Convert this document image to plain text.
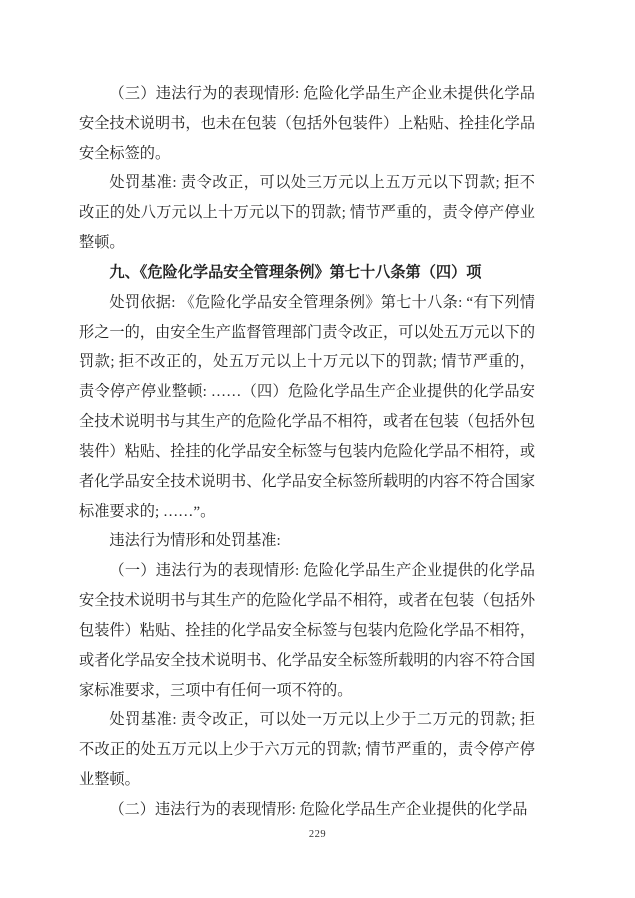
（三）违法行为的表现情形: 危险化学品生产企业未提供化学品安全技术说明书，也未在包装（包括外包装件）上粘贴、拴挂化学品安全标签的。

处罚基准: 责令改正，可以处三万元以上五万元以下罚款; 拒不改正的处八万元以上十万元以下的罚款; 情节严重的，责令停产停业整顿。

九、《危险化学品安全管理条例》第七十八条第（四）项

处罚依据: 《危险化学品安全管理条例》第七十八条: “有下列情形之一的，由安全生产监督管理部门责令改正，可以处五万元以下的罚款; 拒不改正的，处五万元以上十万元以下的罚款; 情节严重的，责令停产停业整顿: ……（四）危险化学品生产企业提供的化学品安全技术说明书与其生产的危险化学品不相符，或者在包装（包括外包装件）粘贴、拴挂的化学品安全标签与包装内危险化学品不相符，或者化学品安全技术说明书、化学品安全标签所载明的内容不符合国家标准要求的; ……”。

违法行为情形和处罚基准:

（一）违法行为的表现情形: 危险化学品生产企业提供的化学品安全技术说明书与其生产的危险化学品不相符，或者在包装（包括外包装件）粘贴、拴挂的化学品安全标签与包装内危险化学品不相符，或者化学品安全技术说明书、化学品安全标签所载明的内容不符合国家标准要求，三项中有任何一项不符的。

处罚基准: 责令改正，可以处一万元以上少于二万元的罚款; 拒不改正的处五万元以上少于六万元的罚款; 情节严重的，责令停产停业整顿。

（二）违法行为的表现情形: 危险化学品生产企业提供的化学品

229
